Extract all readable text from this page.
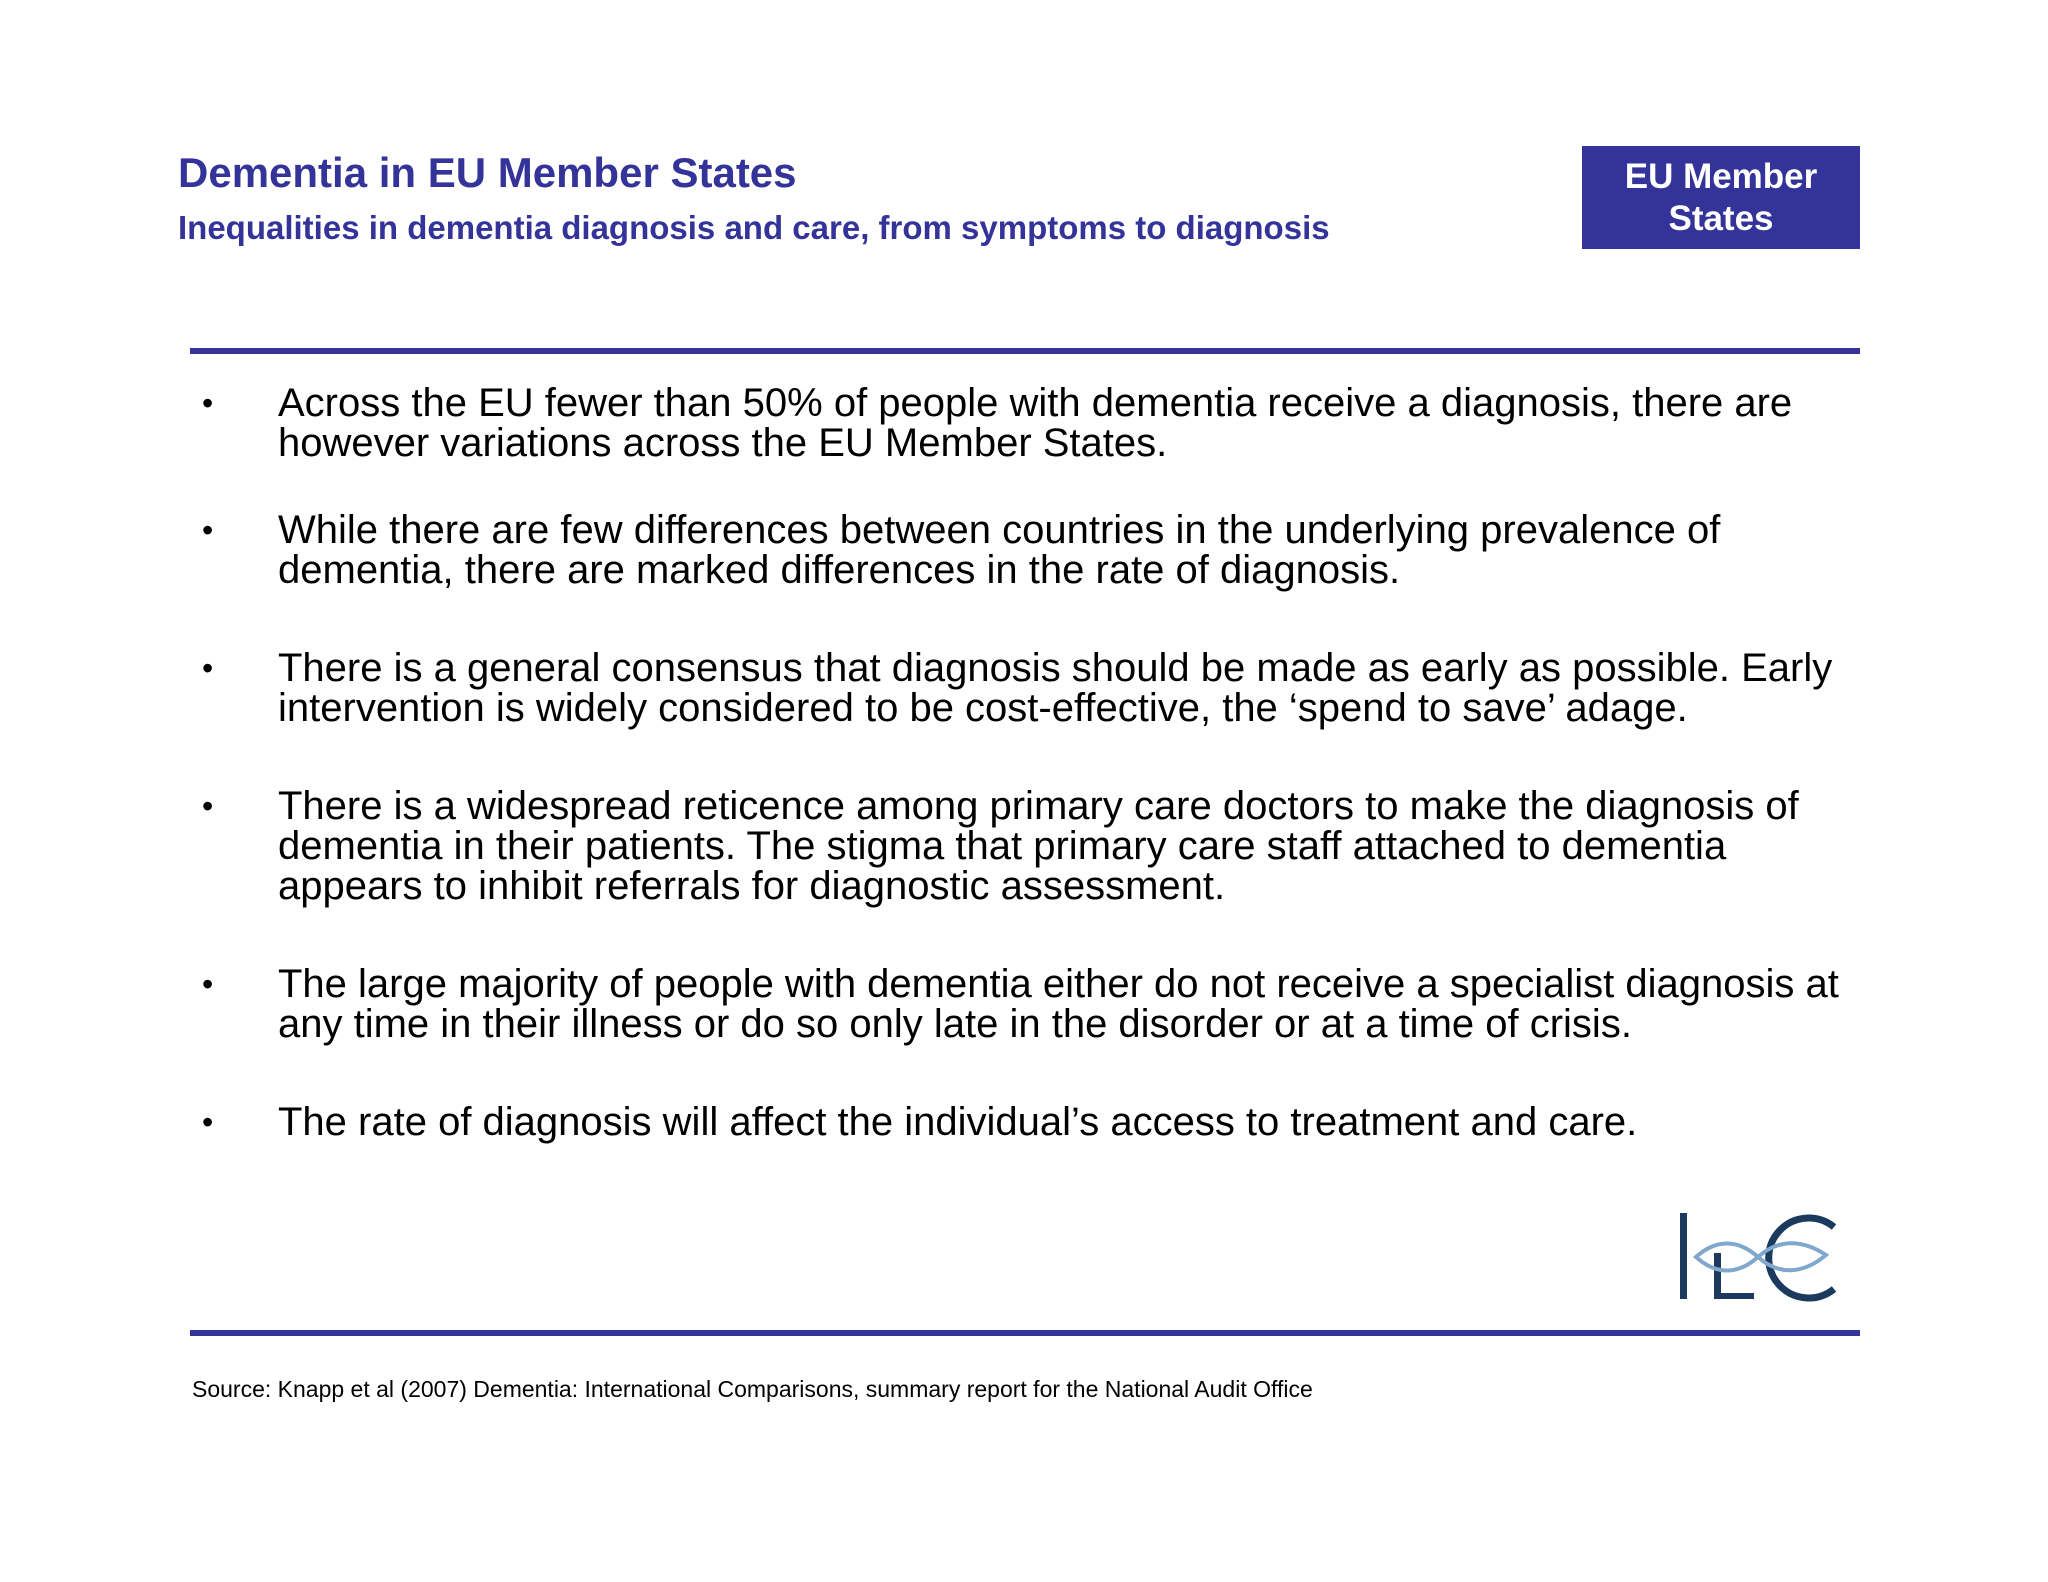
Dementia in EU Member States
Inequalities in dementia diagnosis and care, from symptoms to diagnosis
EU Member States
• Across the EU fewer than 50% of people with dementia receive a diagnosis, there are however variations across the EU Member States.
• While there are few differences between countries in the underlying prevalence of dementia, there are marked differences in the rate of diagnosis.
• There is a general consensus that diagnosis should be made as early as possible. Early intervention is widely considered to be cost-effective, the ‘spend to save’ adage.
• There is a widespread reticence among primary care doctors to make the diagnosis of dementia in their patients. The stigma that primary care staff attached to dementia appears to inhibit referrals for diagnostic assessment.
• The large majority of people with dementia either do not receive a specialist diagnosis at any time in their illness or do so only late in the disorder or at a time of crisis.
• The rate of diagnosis will affect the individual’s access to treatment and care.
Source: Knapp et al (2007) Dementia: International Comparisons, summary report for the National Audit Office
